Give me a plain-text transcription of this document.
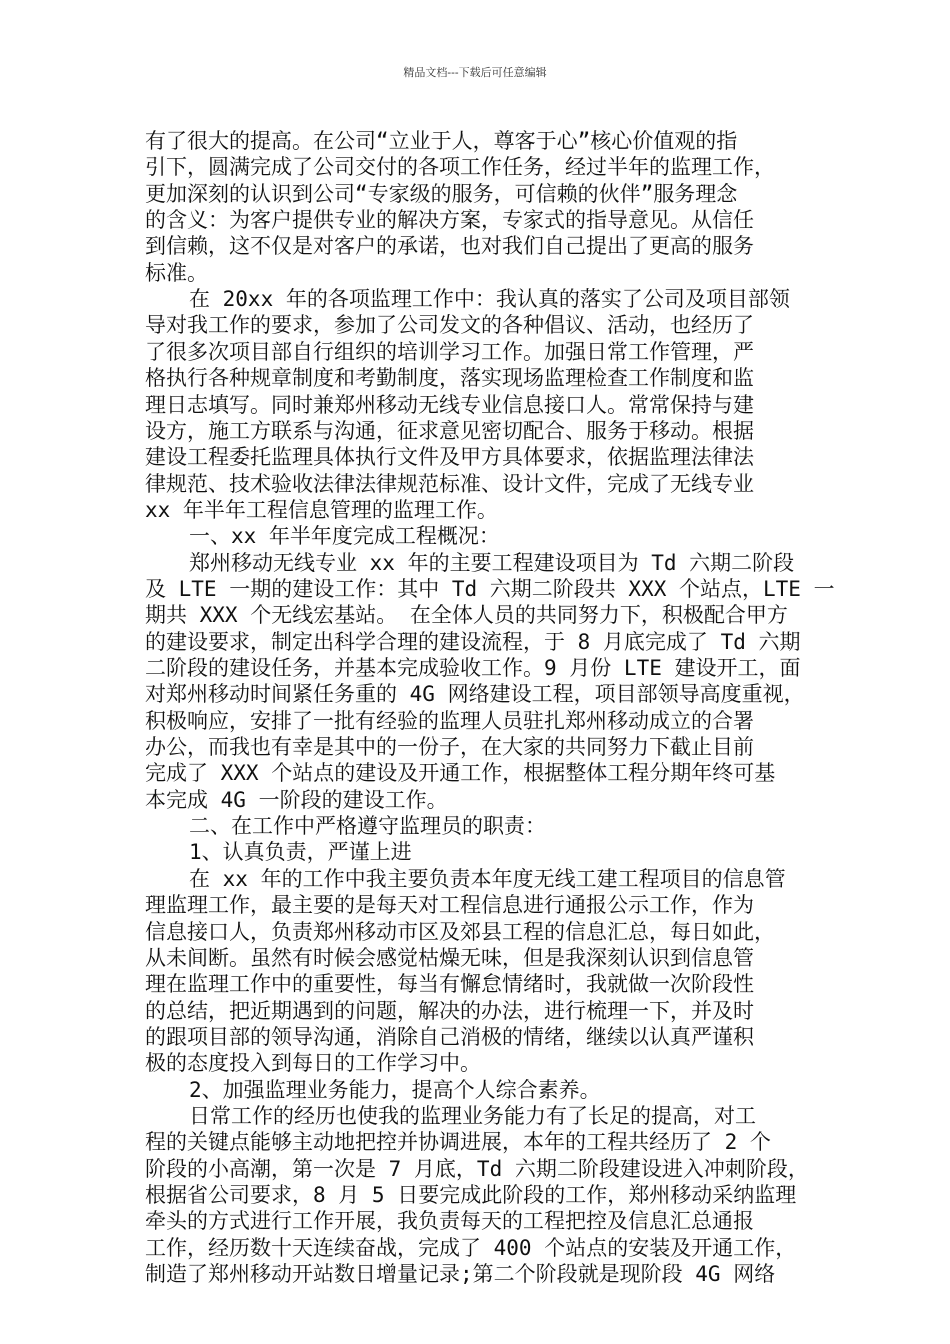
精品文档---下载后可任意编辑
有了很大的提高。在公司“立业于人，尊客于心”核心价值观的指
引下，圆满完成了公司交付的各项工作任务，经过半年的监理工作，
更加深刻的认识到公司“专家级的服务，可信赖的伙伴”服务理念
的含义：为客户提供专业的解决方案，专家式的指导意见。从信任
到信赖，这不仅是对客户的承诺，也对我们自己提出了更高的服务
标准。
在 20xx 年的各项监理工作中：我认真的落实了公司及项目部领
导对我工作的要求，参加了公司发文的各种倡议、活动，也经历了
了很多次项目部自行组织的培训学习工作。加强日常工作管理，严
格执行各种规章制度和考勤制度，落实现场监理检查工作制度和监
理日志填写。同时兼郑州移动无线专业信息接口人。常常保持与建
设方，施工方联系与沟通，征求意见密切配合、服务于移动。根据
建设工程委托监理具体执行文件及甲方具体要求，依据监理法律法
律规范、技术验收法律法律规范标准、设计文件，完成了无线专业
xx 年半年工程信息管理的监理工作。
一、xx 年半年度完成工程概况：
郑州移动无线专业 xx 年的主要工程建设项目为 Td 六期二阶段
及 LTE 一期的建设工作：其中 Td 六期二阶段共 XXX 个站点，LTE 一
期共 XXX 个无线宏基站。 在全体人员的共同努力下，积极配合甲方
的建设要求，制定出科学合理的建设流程，于 8 月底完成了 Td 六期
二阶段的建设任务，并基本完成验收工作。9 月份 LTE 建设开工，面
对郑州移动时间紧任务重的 4G 网络建设工程，项目部领导高度重视，
积极响应，安排了一批有经验的监理人员驻扎郑州移动成立的合署
办公，而我也有幸是其中的一份子，在大家的共同努力下截止目前
完成了 XXX 个站点的建设及开通工作，根据整体工程分期年终可基
本完成 4G 一阶段的建设工作。
二、在工作中严格遵守监理员的职责：
1、认真负责，严谨上进
在 xx 年的工作中我主要负责本年度无线工建工程项目的信息管
理监理工作，最主要的是每天对工程信息进行通报公示工作，作为
信息接口人，负责郑州移动市区及郊县工程的信息汇总，每日如此，
从未间断。虽然有时候会感觉枯燥无味，但是我深刻认识到信息管
理在监理工作中的重要性，每当有懈怠情绪时，我就做一次阶段性
的总结，把近期遇到的问题，解决的办法，进行梳理一下，并及时
的跟项目部的领导沟通，消除自己消极的情绪，继续以认真严谨积
极的态度投入到每日的工作学习中。
2、加强监理业务能力，提高个人综合素养。
日常工作的经历也使我的监理业务能力有了长足的提高，对工
程的关键点能够主动地把控并协调进展，本年的工程共经历了 2 个
阶段的小高潮，第一次是 7 月底，Td 六期二阶段建设进入冲刺阶段，
根据省公司要求，8 月 5 日要完成此阶段的工作，郑州移动采纳监理
牵头的方式进行工作开展，我负责每天的工程把控及信息汇总通报
工作，经历数十天连续奋战，完成了 400 个站点的安装及开通工作，
制造了郑州移动开站数日增量记录;第二个阶段就是现阶段 4G 网络
